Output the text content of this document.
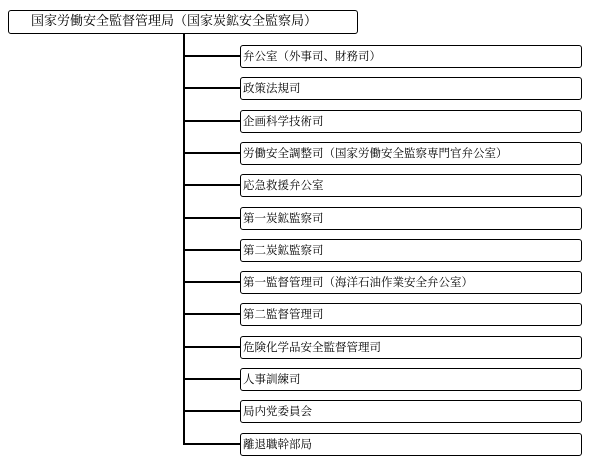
国家労働安全監督管理局（国家炭鉱安全監察局）
弁公室（外事司、財務司）
政策法規司
企画科学技術司
労働安全調整司（国家労働安全監察専門官弁公室）
応急救援弁公室
第一炭鉱監察司
第二炭鉱監察司
第一監督管理司（海洋石油作業安全弁公室）
第二監督管理司
危険化学品安全監督管理司
人事訓練司
局内党委員会
離退職幹部局
